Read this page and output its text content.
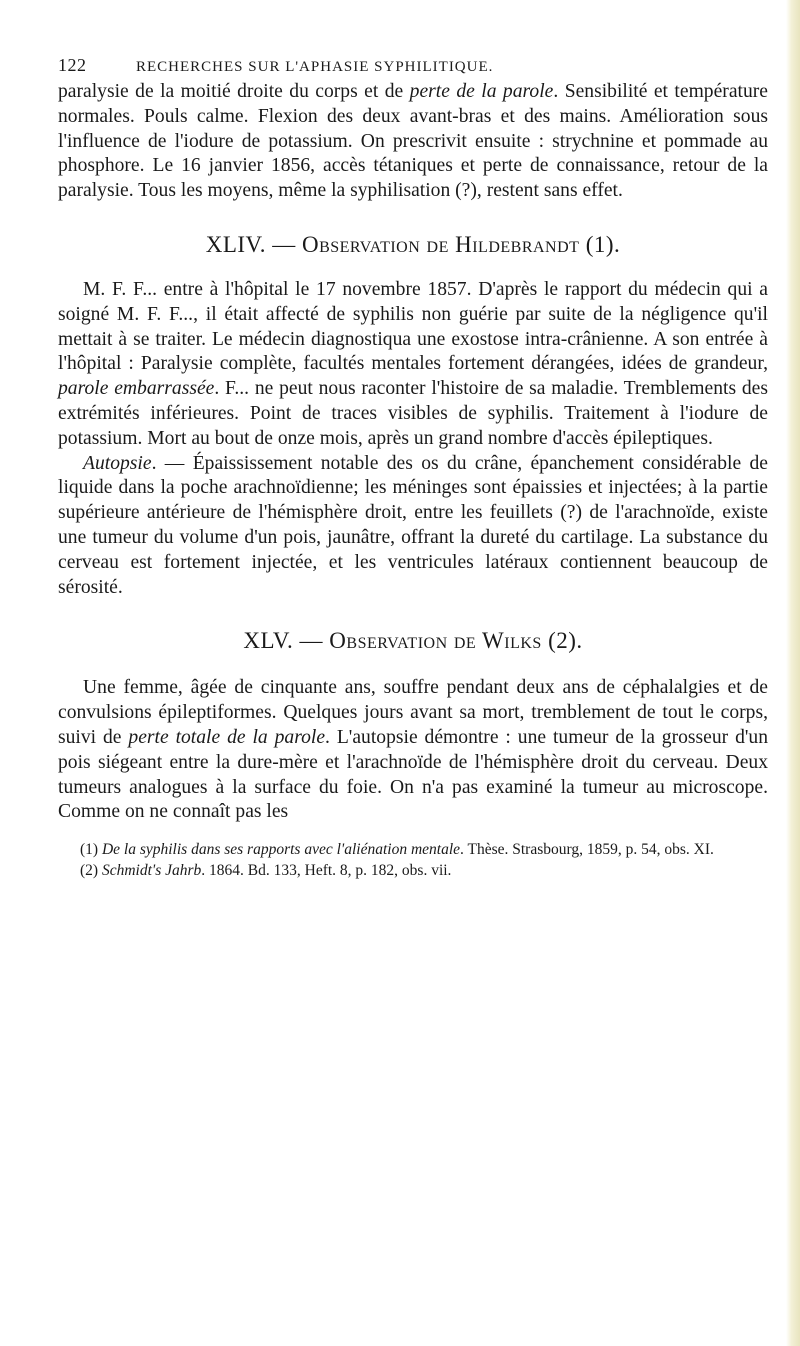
122	RECHERCHES SUR L'APHASIE SYPHILITIQUE.

paralysie de la moitié droite du corps et de perte de la parole. Sensibilité et température normales. Pouls calme. Flexion des deux avant-bras et des mains. Amélioration sous l'influence de l'iodure de potassium. On prescrivit ensuite : strychnine et pommade au phosphore. Le 16 janvier 1856, accès tétaniques et perte de connaissance, retour de la paralysie. Tous les moyens, même la syphilisation (?), restent sans effet.

XLIV. — Observation de Hildebrandt (1).

M. F. F... entre à l'hôpital le 17 novembre 1857. D'après le rapport du médecin qui a soigné M. F. F..., il était affecté de syphilis non guérie par suite de la négligence qu'il mettait à se traiter. Le médecin diagnostiqua une exostose intra-crânienne. A son entrée à l'hôpital : Paralysie complète, facultés mentales fortement dérangées, idées de grandeur, parole embarrassée. F... ne peut nous raconter l'histoire de sa maladie. Tremblements des extrémités inférieures. Point de traces visibles de syphilis. Traitement à l'iodure de potassium. Mort au bout de onze mois, après un grand nombre d'accès épileptiques.

Autopsie. — Épaississement notable des os du crâne, épanchement considérable de liquide dans la poche arachnoïdienne; les méninges sont épaissies et injectées; à la partie supérieure antérieure de l'hémisphère droit, entre les feuillets (?) de l'arachnoïde, existe une tumeur du volume d'un pois, jaunâtre, offrant la dureté du cartilage. La substance du cerveau est fortement injectée, et les ventricules latéraux contiennent beaucoup de sérosité.

XLV. — Observation de Wilks (2).

Une femme, âgée de cinquante ans, souffre pendant deux ans de céphalalgies et de convulsions épileptiformes. Quelques jours avant sa mort, tremblement de tout le corps, suivi de perte totale de la parole. L'autopsie démontre : une tumeur de la grosseur d'un pois siégeant entre la dure-mère et l'arachnoïde de l'hémisphère droit du cerveau. Deux tumeurs analogues à la surface du foie. On n'a pas examiné la tumeur au microscope. Comme on ne connaît pas les

(1) De la syphilis dans ses rapports avec l'aliénation mentale. Thèse. Strasbourg, 1859, p. 54, obs. XI.
(2) Schmidt's Jahrb. 1864. Bd. 133, Heft. 8, p. 182, obs. vii.
